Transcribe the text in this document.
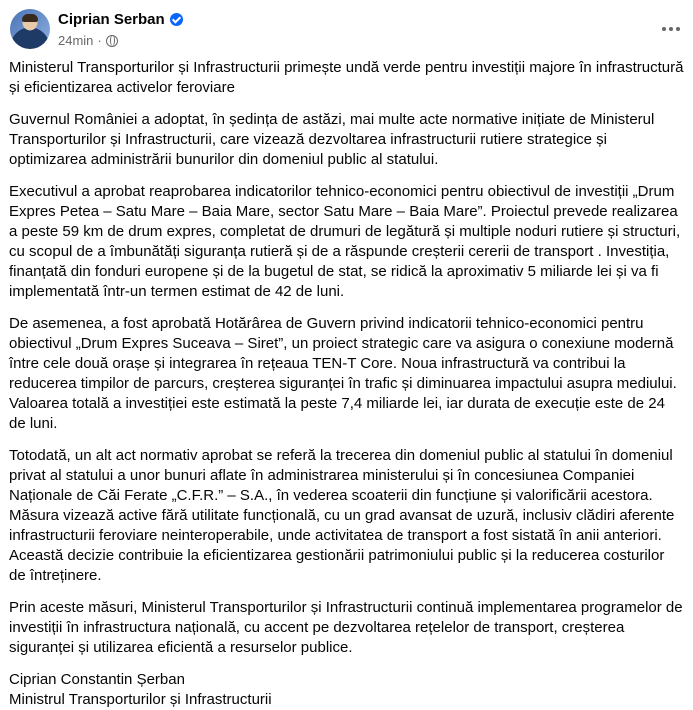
Ciprian Serban
24min ·

Ministerul Transporturilor și Infrastructurii primește undă verde pentru investiții majore în infrastructură și eficientizarea activelor feroviare

Guvernul României a adoptat, în ședința de astăzi, mai multe acte normative inițiate de Ministerul Transporturilor și Infrastructurii, care vizează dezvoltarea infrastructurii rutiere strategice și optimizarea administrării bunurilor din domeniul public al statului.

Executivul a aprobat reaprobarea indicatorilor tehnico-economici pentru obiectivul de investiții „Drum Expres Petea – Satu Mare – Baia Mare, sector Satu Mare – Baia Mare”. Proiectul prevede realizarea a peste 59 km de drum expres, completat de drumuri de legătură și multiple noduri rutiere și structuri, cu scopul de a îmbunătăți siguranța rutieră și de a răspunde creșterii cererii de transport . Investiția, finanțată din fonduri europene și de la bugetul de stat, se ridică la aproximativ 5 miliarde lei și va fi implementată într-un termen estimat de 42 de luni.

De asemenea, a fost aprobată Hotărârea de Guvern privind indicatorii tehnico-economici pentru obiectivul „Drum Expres Suceava – Siret”, un proiect strategic care va asigura o conexiune modernă între cele două orașe și integrarea în rețeaua TEN-T Core. Noua infrastructură va contribui la reducerea timpilor de parcurs, creșterea siguranței în trafic și diminuarea impactului asupra mediului. Valoarea totală a investiției este estimată la peste 7,4 miliarde lei, iar durata de execuție este de 24 de luni.

Totodată, un alt act normativ aprobat se referă la trecerea din domeniul public al statului în domeniul privat al statului a unor bunuri aflate în administrarea ministerului și în concesiunea Companiei Naționale de Căi Ferate „C.F.R.” – S.A., în vederea scoaterii din funcțiune și valorificării acestora. Măsura vizează active fără utilitate funcțională, cu un grad avansat de uzură, inclusiv clădiri aferente infrastructurii feroviare neinteroperabile, unde activitatea de transport a fost sistată în anii anteriori. Această decizie contribuie la eficientizarea gestionării patrimoniului public și la reducerea costurilor de întreținere.

Prin aceste măsuri, Ministerul Transporturilor și Infrastructurii continuă implementarea programelor de investiții în infrastructura națională, cu accent pe dezvoltarea rețelelor de transport, creșterea siguranței și utilizarea eficientă a resurselor publice.

Ciprian Constantin Șerban

Ministrul Transporturilor și Infrastructurii
